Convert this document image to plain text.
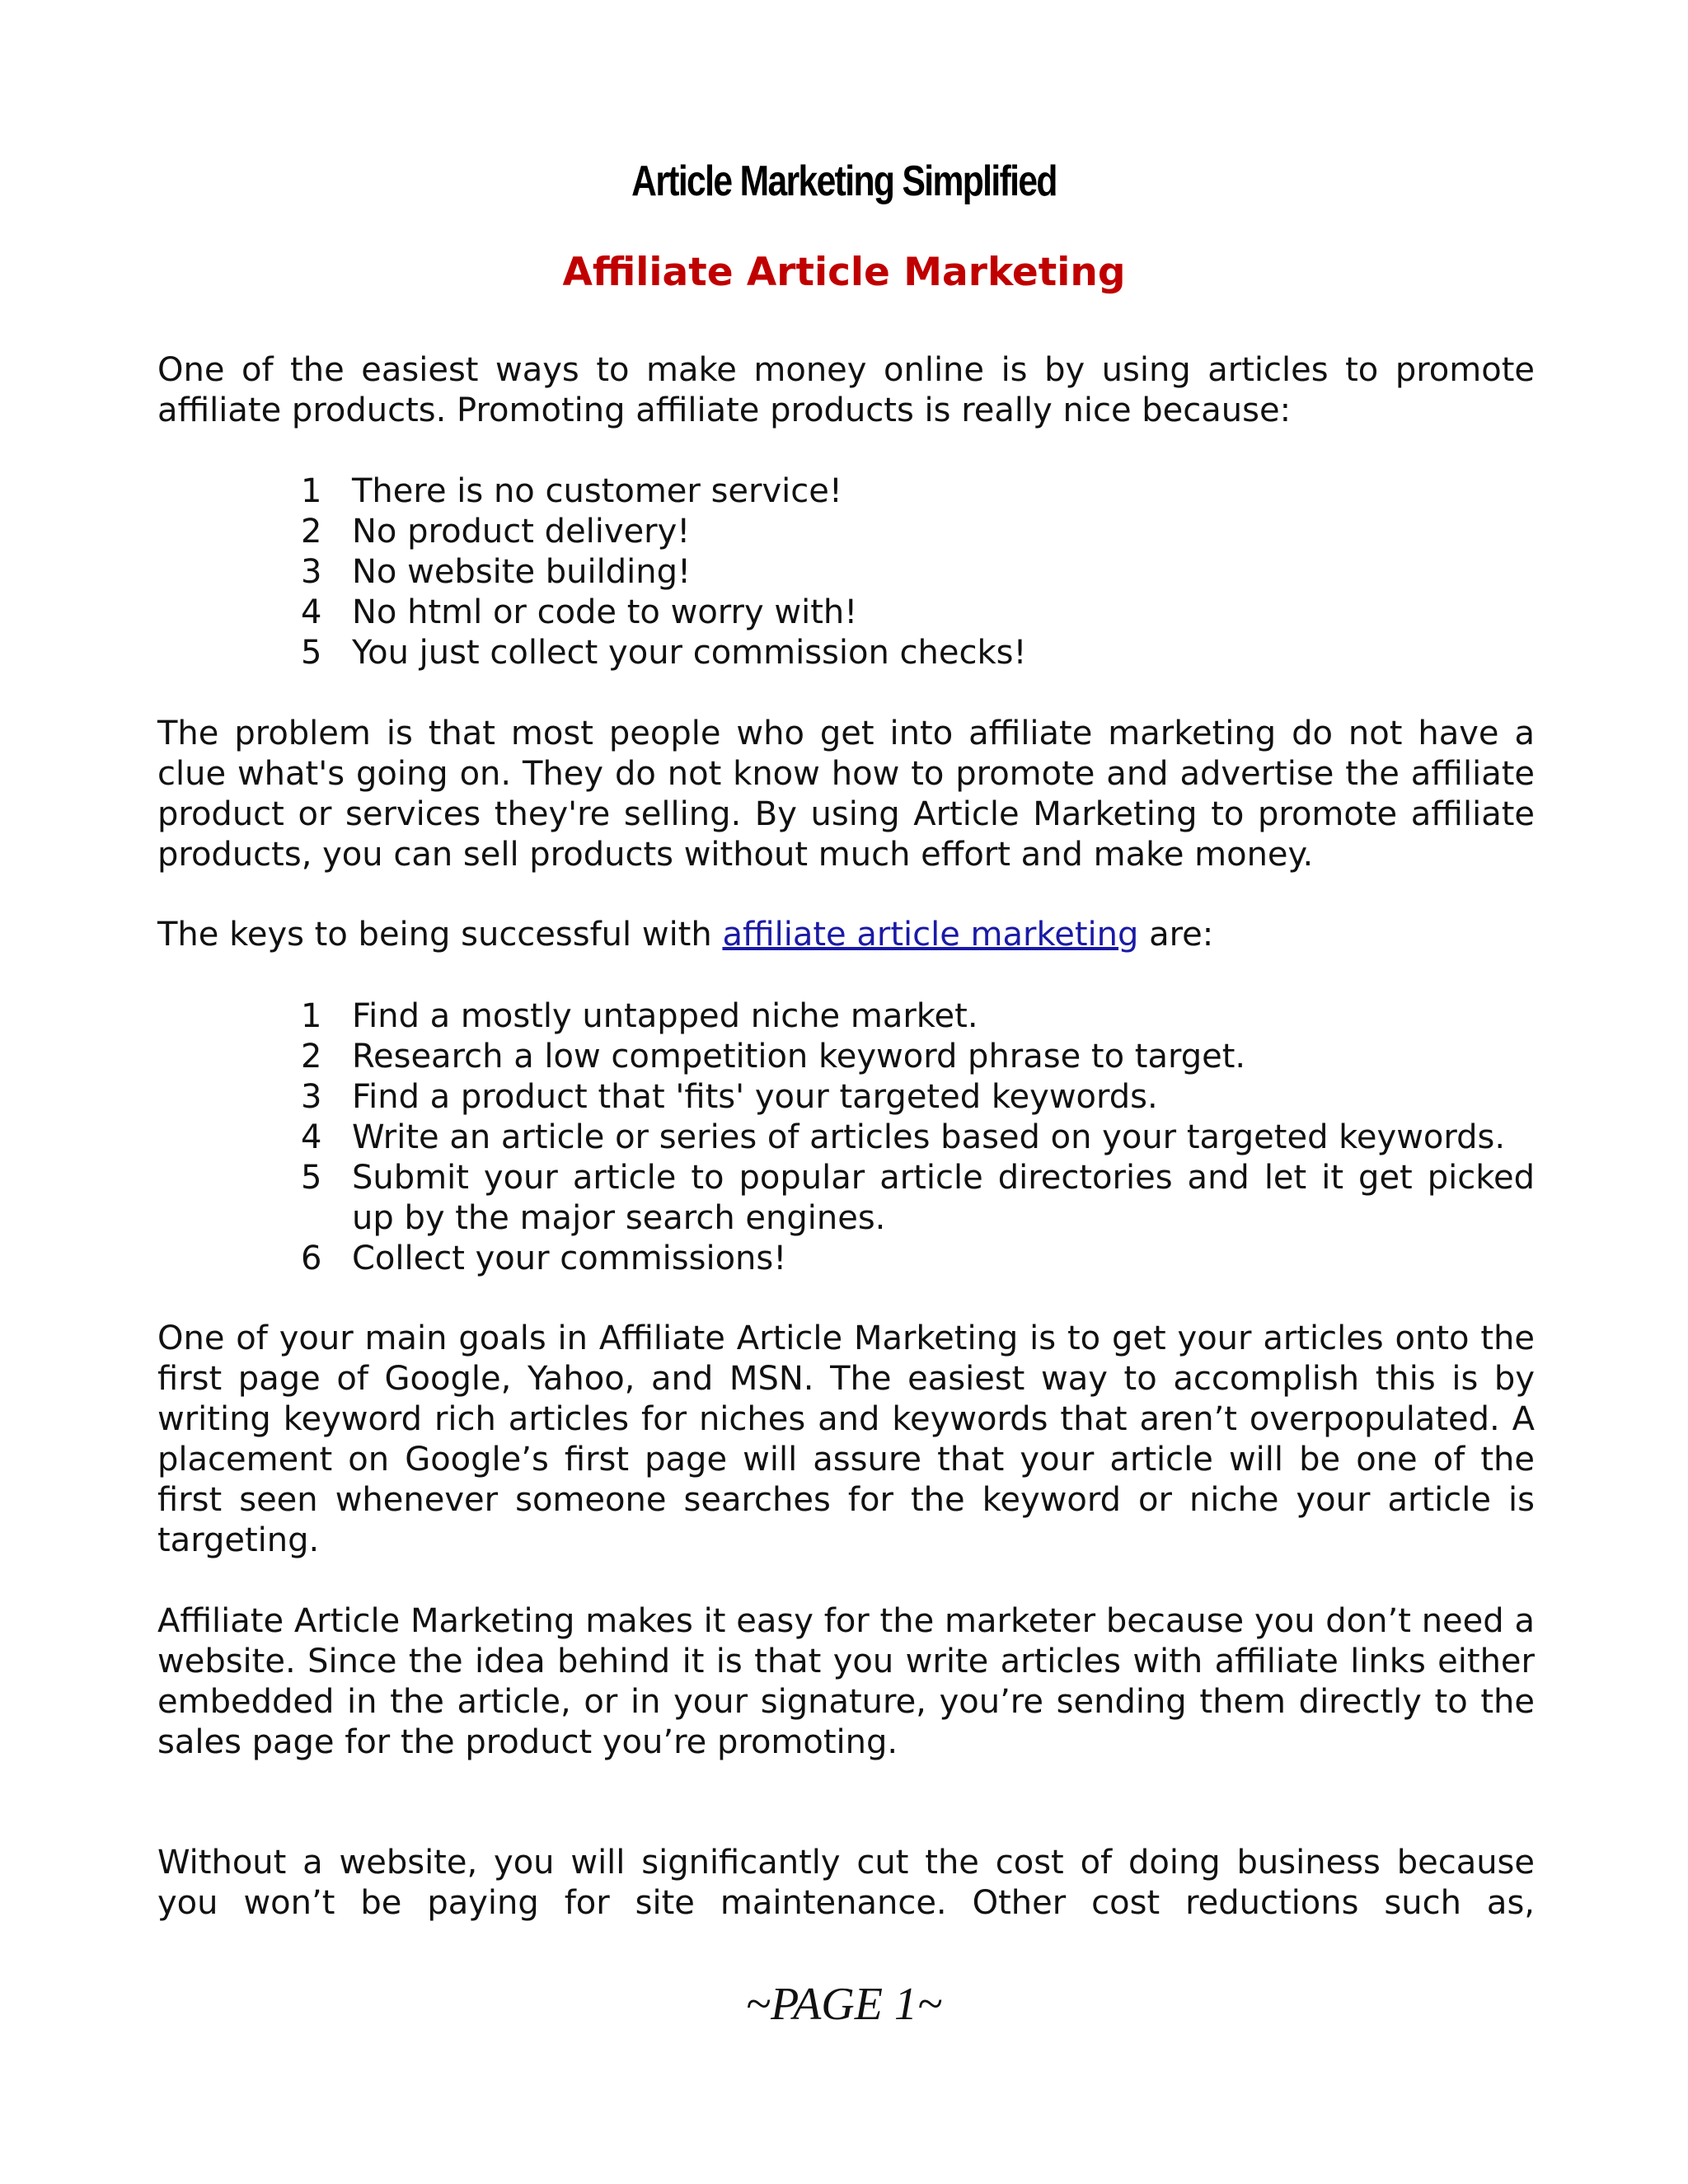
Article Marketing Simplified
Affiliate Article Marketing
One of the easiest ways to make money online is by using articles to promote affiliate products. Promoting affiliate products is really nice because:
1 There is no customer service!
2 No product delivery!
3 No website building!
4 No html or code to worry with!
5 You just collect your commission checks!
The problem is that most people who get into affiliate marketing do not have a clue what's going on. They do not know how to promote and advertise the affiliate product or services they're selling. By using Article Marketing to promote affiliate products, you can sell products without much effort and make money.
The keys to being successful with affiliate article marketing are:
1 Find a mostly untapped niche market.
2 Research a low competition keyword phrase to target.
3 Find a product that 'fits' your targeted keywords.
4 Write an article or series of articles based on your targeted keywords.
5 Submit your article to popular article directories and let it get picked up by the major search engines.
6 Collect your commissions!
One of your main goals in Affiliate Article Marketing is to get your articles onto the first page of Google, Yahoo, and MSN. The easiest way to accomplish this is by writing keyword rich articles for niches and keywords that aren’t overpopulated. A placement on Google’s first page will assure that your article will be one of the first seen whenever someone searches for the keyword or niche your article is targeting.
Affiliate Article Marketing makes it easy for the marketer because you don’t need a website. Since the idea behind it is that you write articles with affiliate links either embedded in the article, or in your signature, you’re sending them directly to the sales page for the product you’re promoting.
Without a website, you will significantly cut the cost of doing business because you won’t be paying for site maintenance. Other cost reductions such as,
~PAGE 1~
